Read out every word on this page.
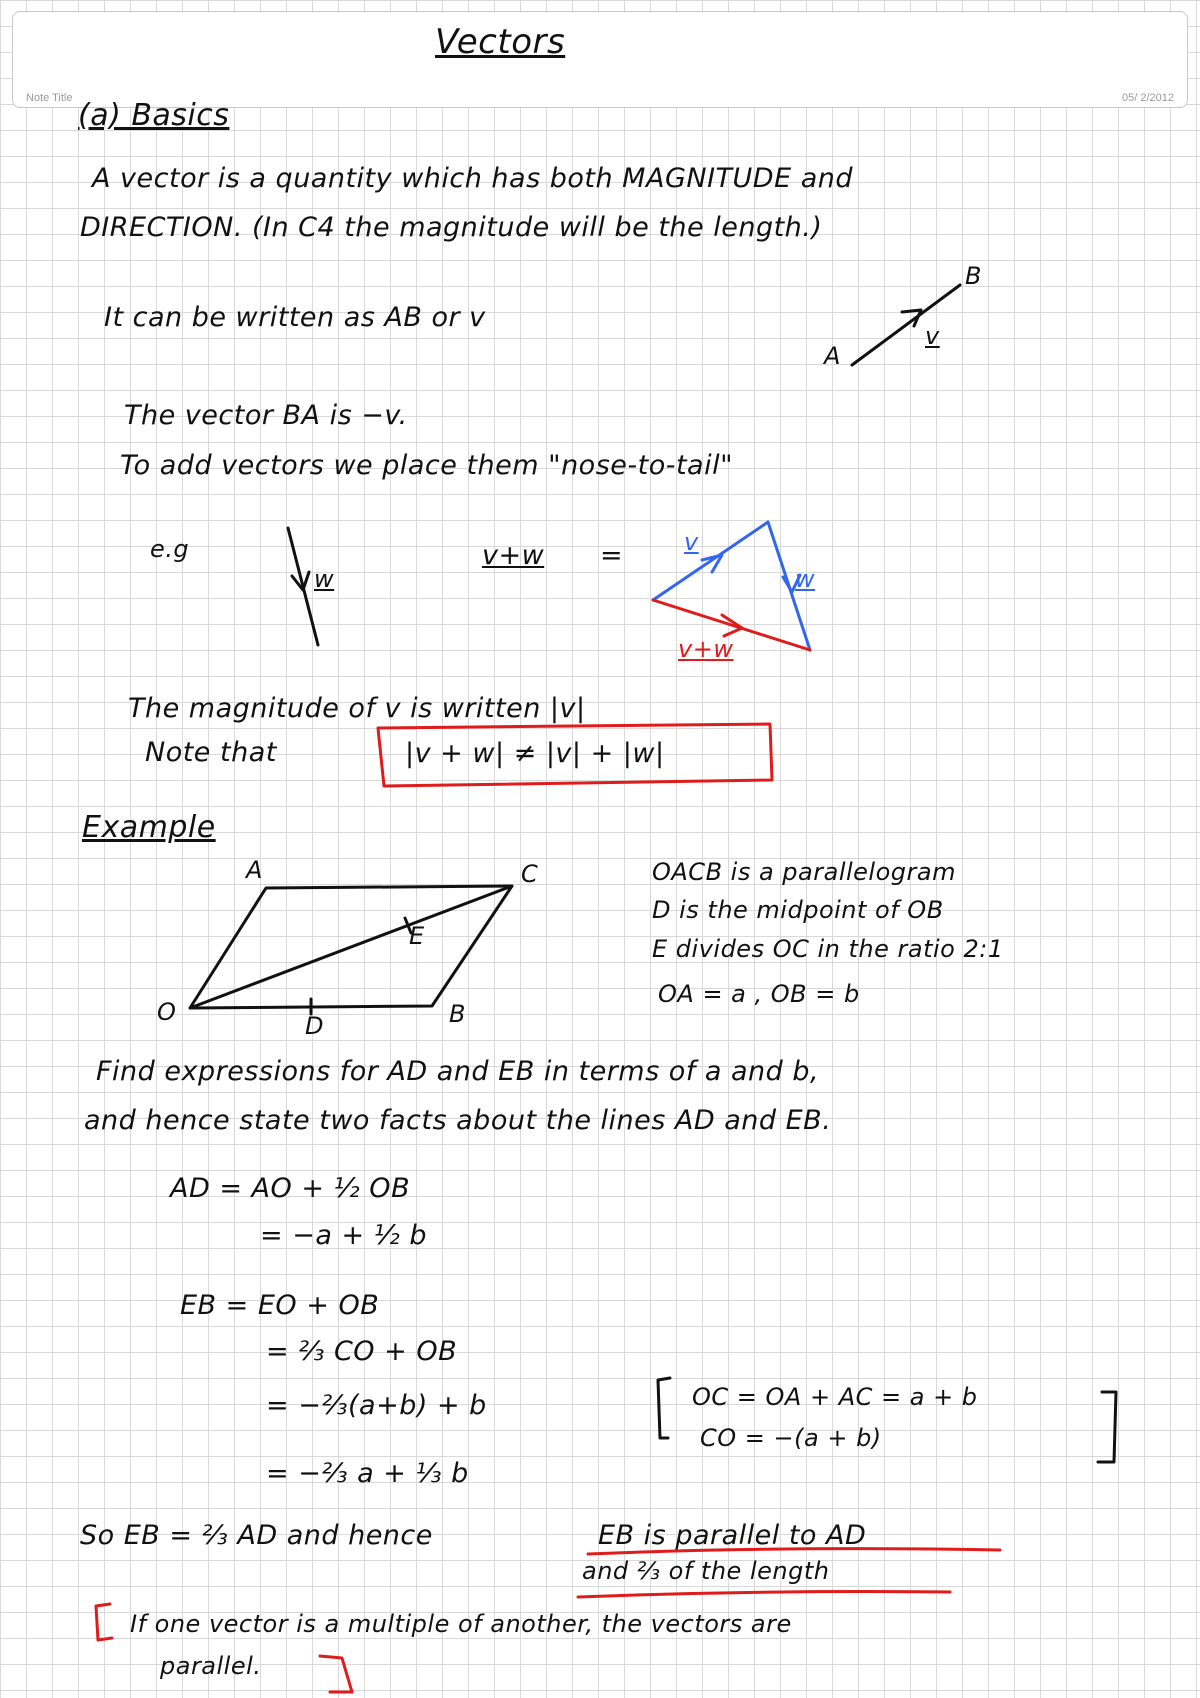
Note Title	05/ 2/2012
Vectors
(a) Basics
A vector is a quantity which has both MAGNITUDE and
DIRECTION. (In C4 the magnitude will be the length.)
It can be written as AB or v
A
B
v
The vector BA is −v.
To add vectors we place them "nose-to-tail"
e.g
w
v+w =	v
w
v+w
The magnitude of v is written |v|
Note that	|v + w| ≠ |v| + |w|
Example
O
A	C
B
D
E
OACB is a parallelogram
D is the midpoint of OB
E divides OC in the ratio 2:1
OA = a , OB = b
Find expressions for AD and EB in terms of a and b,
and hence state two facts about the lines AD and EB.
AD = AO + ½ OB
= −a + ½ b
EB = EO + OB
= ⅔ CO + OB
= −⅔(a+b) + b
= −⅔ a + ⅓ b
OC = OA + AC = a + b
CO = −(a + b)
So EB = ⅔ AD and hence	EB is parallel to AD
and ⅔ of the length
If one vector is a multiple of another, the vectors are
parallel.
